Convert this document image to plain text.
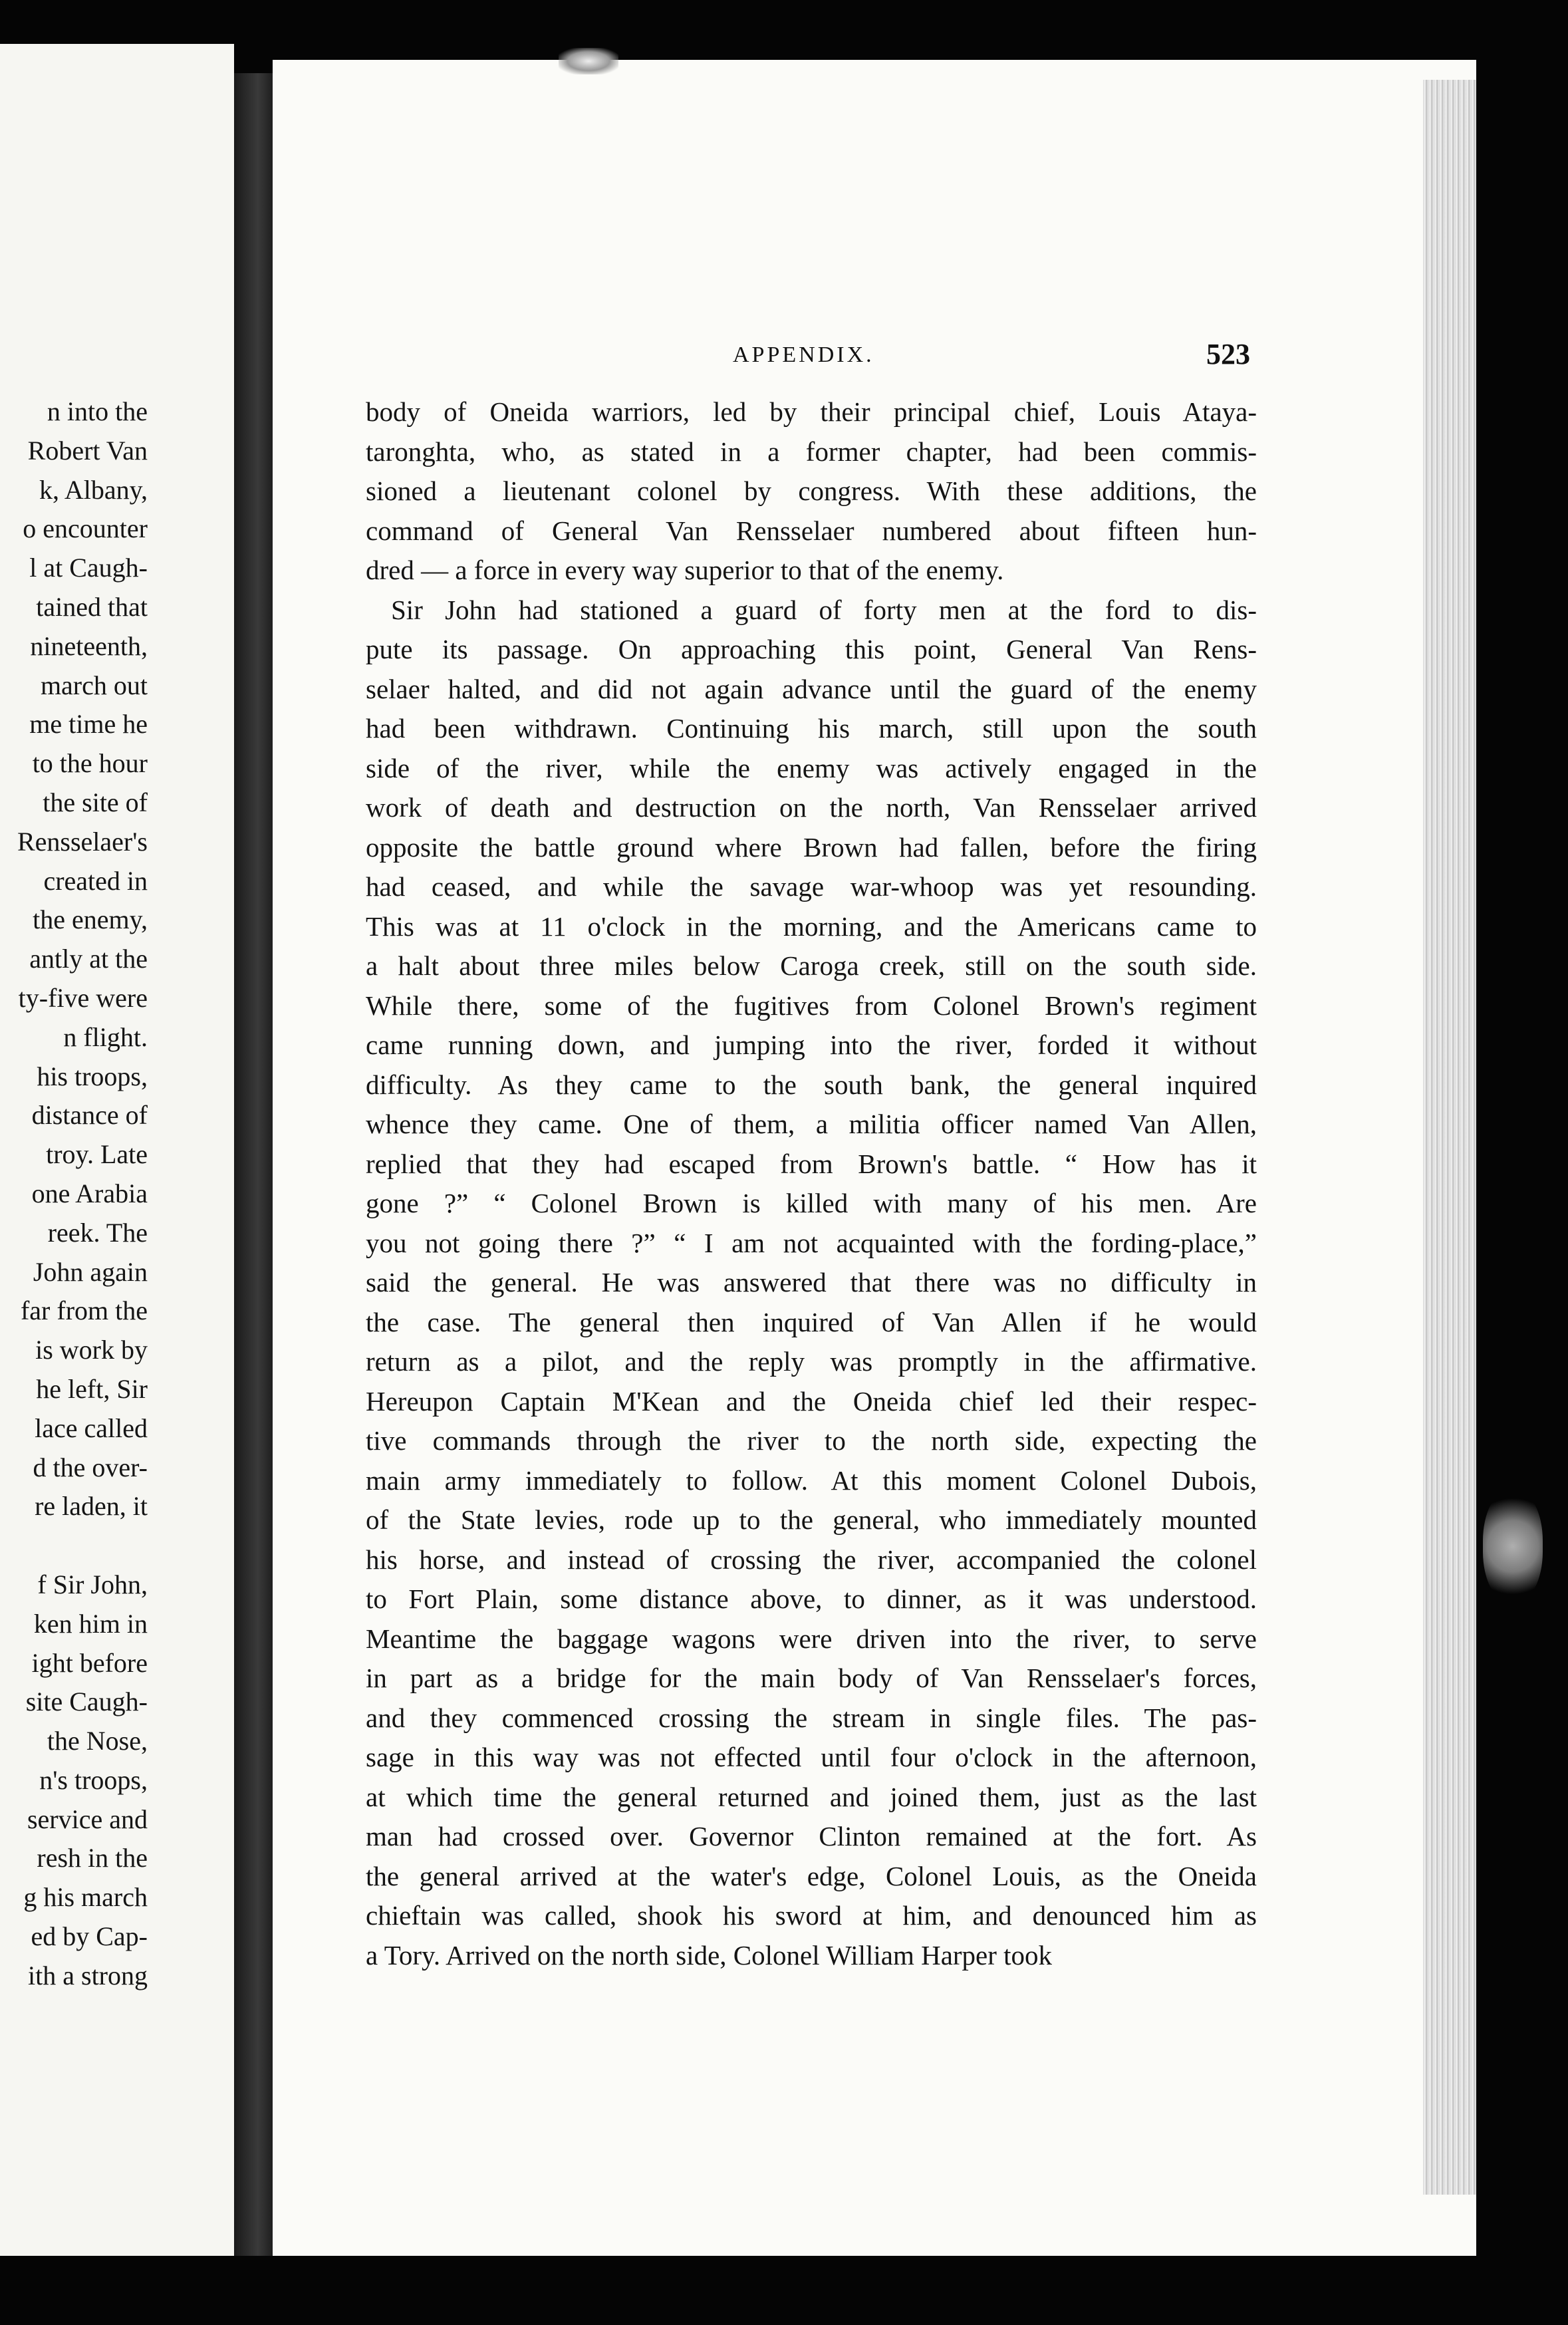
n into the
Robert Van
k, Albany,
o encounter
l at Caugh-
tained that
nineteenth,
march out
me time he
to the hour
the site of
Rensselaer's
created in
the enemy,
antly at the
ty-five were
n flight.
his troops,
distance of
troy. Late
one Arabia
reek. The
John again
far from the
is work by
he left, Sir
lace called
d the over-
re laden, it
f Sir John,
ken him in
ight before
site Caugh-
the Nose,
n's troops,
service and
resh in the
g his march
ed by Cap-
ith a strong
APPENDIX.	523
body of Oneida warriors, led by their principal chief, Louis Ataya-
taronghta, who, as stated in a former chapter, had been commis-
sioned a lieutenant colonel by congress. With these additions, the
command of General Van Rensselaer numbered about fifteen hun-
dred — a force in every way superior to that of the enemy.
Sir John had stationed a guard of forty men at the ford to dis-
pute its passage. On approaching this point, General Van Rens-
selaer halted, and did not again advance until the guard of the enemy
had been withdrawn. Continuing his march, still upon the south
side of the river, while the enemy was actively engaged in the
work of death and destruction on the north, Van Rensselaer arrived
opposite the battle ground where Brown had fallen, before the firing
had ceased, and while the savage war-whoop was yet resounding.
This was at 11 o'clock in the morning, and the Americans came to
a halt about three miles below Caroga creek, still on the south side.
While there, some of the fugitives from Colonel Brown's regiment
came running down, and jumping into the river, forded it without
difficulty. As they came to the south bank, the general inquired
whence they came. One of them, a militia officer named Van Allen,
replied that they had escaped from Brown's battle. “ How has it
gone ?” “ Colonel Brown is killed with many of his men. Are
you not going there ?” “ I am not acquainted with the fording-place,”
said the general. He was answered that there was no difficulty in
the case. The general then inquired of Van Allen if he would
return as a pilot, and the reply was promptly in the affirmative.
Hereupon Captain M'Kean and the Oneida chief led their respec-
tive commands through the river to the north side, expecting the
main army immediately to follow. At this moment Colonel Dubois,
of the State levies, rode up to the general, who immediately mounted
his horse, and instead of crossing the river, accompanied the colonel
to Fort Plain, some distance above, to dinner, as it was understood.
Meantime the baggage wagons were driven into the river, to serve
in part as a bridge for the main body of Van Rensselaer's forces,
and they commenced crossing the stream in single files. The pas-
sage in this way was not effected until four o'clock in the afternoon,
at which time the general returned and joined them, just as the last
man had crossed over. Governor Clinton remained at the fort. As
the general arrived at the water's edge, Colonel Louis, as the Oneida
chieftain was called, shook his sword at him, and denounced him as
a Tory. Arrived on the north side, Colonel William Harper took
